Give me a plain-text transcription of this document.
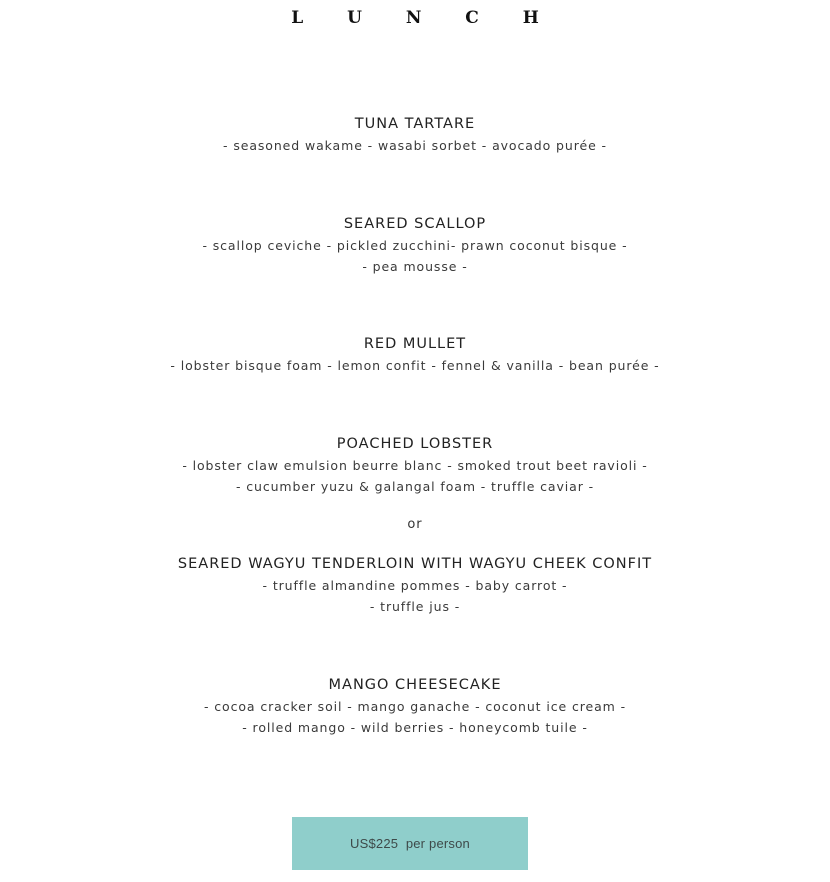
L U N C H
TUNA TARTARE
- seasoned wakame - wasabi sorbet - avocado purée -
SEARED SCALLOP
- scallop ceviche - pickled zucchini- prawn coconut bisque -
- pea mousse -
RED MULLET
- lobster bisque foam - lemon confit - fennel & vanilla - bean purée -
POACHED LOBSTER
- lobster claw emulsion beurre blanc - smoked trout beet ravioli -
- cucumber yuzu & galangal foam - truffle caviar -
or
SEARED WAGYU TENDERLOIN WITH WAGYU CHEEK CONFIT
- truffle almandine pommes - baby carrot -
- truffle jus -
MANGO CHEESECAKE
- cocoa cracker soil - mango ganache - coconut ice cream -
- rolled mango - wild berries - honeycomb tuile -
US$225  per person
